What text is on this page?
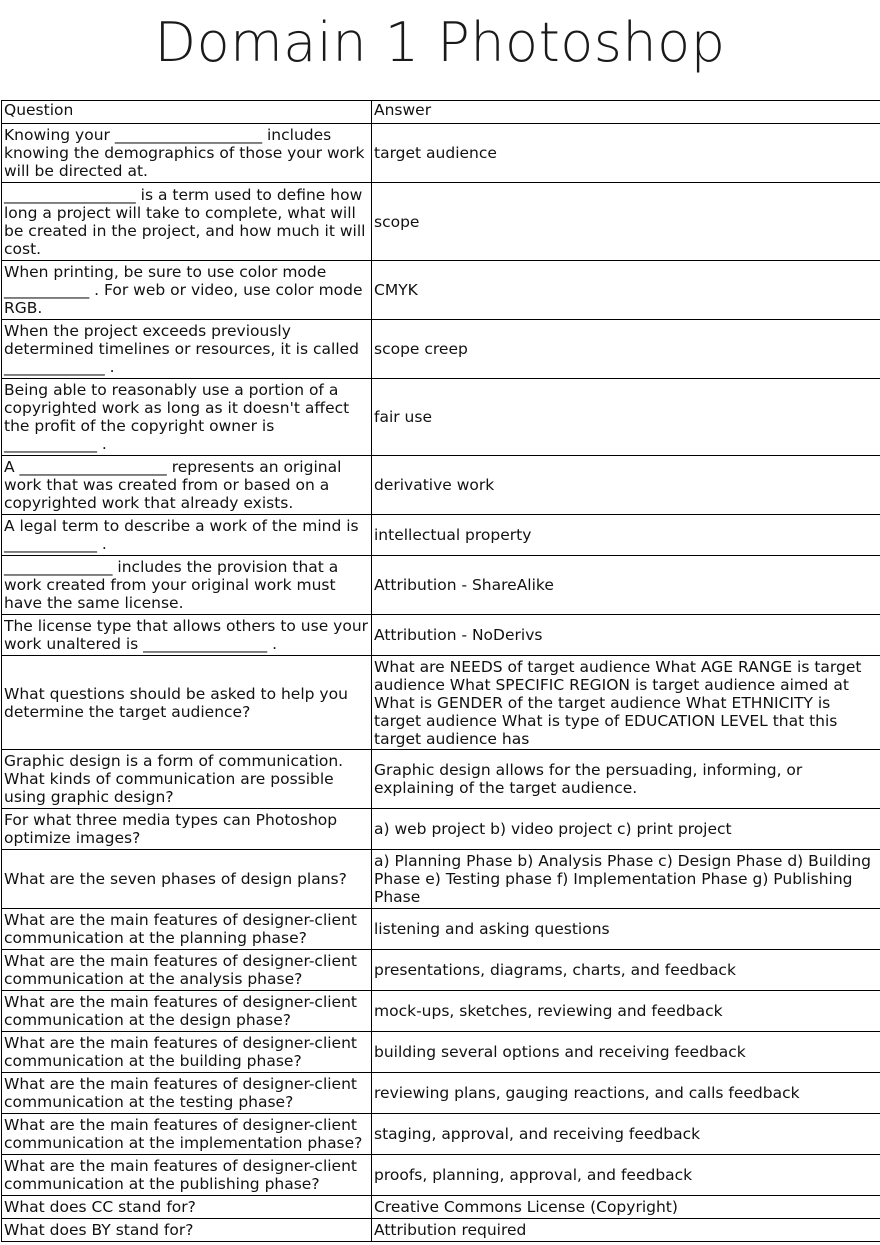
Domain 1 Photoshop
Question	Answer
Knowing your ___________________ includes knowing the demographics of those your work will be directed at.	target audience
_________________ is a term used to define how long a project will take to complete, what will be created in the project, and how much it will cost.	scope
When printing, be sure to use color mode ___________ . For web or video, use color mode RGB.	CMYK
When the project exceeds previously determined timelines or resources, it is called _____________ .	scope creep
Being able to reasonably use a portion of a copyrighted work as long as it doesn't affect the profit of the copyright owner is ____________ .	fair use
A ___________________ represents an original work that was created from or based on a copyrighted work that already exists.	derivative work
A legal term to describe a work of the mind is ____________ .	intellectual property
______________ includes the provision that a work created from your original work must have the same license.	Attribution - ShareAlike
The license type that allows others to use your work unaltered is ________________ .	Attribution - NoDerivs
What questions should be asked to help you determine the target audience?	What are NEEDS of target audience What AGE RANGE is target audience What SPECIFIC REGION is target audience aimed at What is GENDER of the target audience What ETHNICITY is target audience What is type of EDUCATION LEVEL that this target audience has
Graphic design is a form of communication. What kinds of communication are possible using graphic design?	Graphic design allows for the persuading, informing, or explaining of the target audience.
For what three media types can Photoshop optimize images?	a) web project b) video project c) print project
What are the seven phases of design plans?	a) Planning Phase b) Analysis Phase c) Design Phase d) Building Phase e) Testing phase f) Implementation Phase g) Publishing Phase
What are the main features of designer-client communication at the planning phase?	listening and asking questions
What are the main features of designer-client communication at the analysis phase?	presentations, diagrams, charts, and feedback
What are the main features of designer-client communication at the design phase?	mock-ups, sketches, reviewing and feedback
What are the main features of designer-client communication at the building phase?	building several options and receiving feedback
What are the main features of designer-client communication at the testing phase?	reviewing plans, gauging reactions, and calls feedback
What are the main features of designer-client communication at the implementation phase?	staging, approval, and receiving feedback
What are the main features of designer-client communication at the publishing phase?	proofs, planning, approval, and feedback
What does CC stand for?	Creative Commons License (Copyright)
What does BY stand for?	Attribution required
